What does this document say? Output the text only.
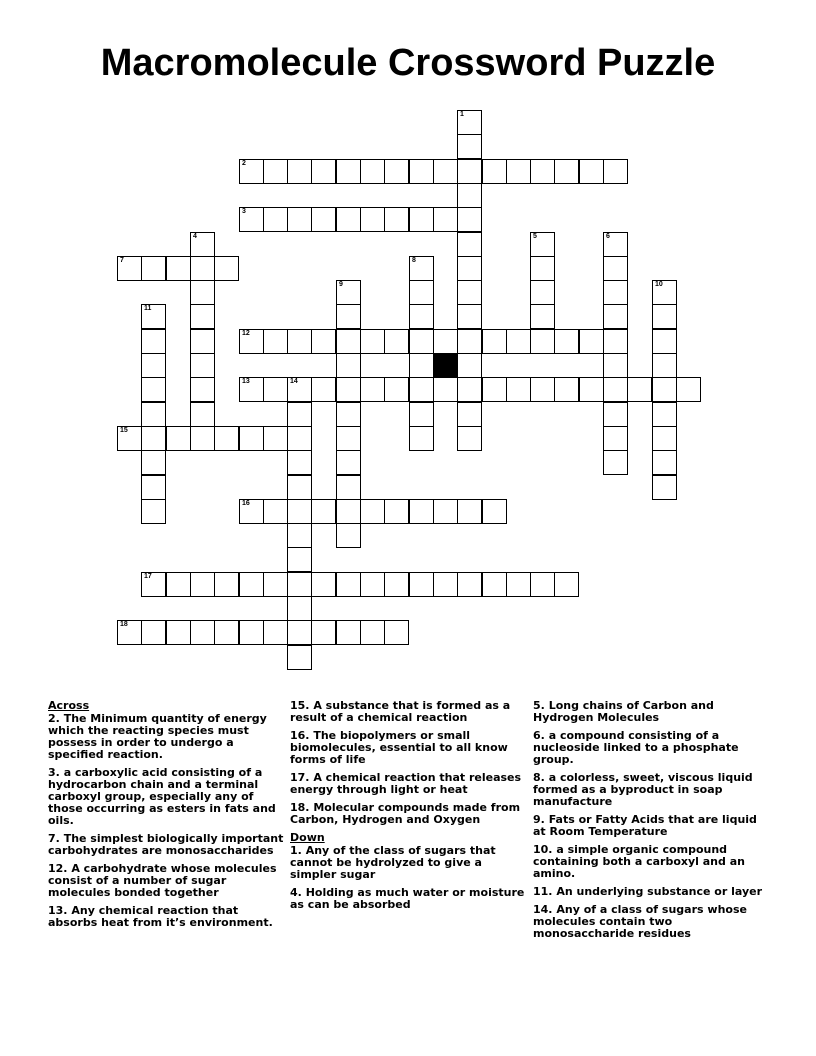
Macromolecule Crossword Puzzle
1
2
3
4	5	6
7	8
9	10
11
12
13	14
15
16
17
18
Across
2. The Minimum quantity of energy which the reacting species must possess in order to undergo a specified reaction.
3. a carboxylic acid consisting of a hydrocarbon chain and a terminal carboxyl group, especially any of those occurring as esters in fats and oils.
7. The simplest biologically important carbohydrates are monosaccharides
12. A carbohydrate whose molecules consist of a number of sugar molecules bonded together
13. Any chemical reaction that absorbs heat from it’s environment.
15. A substance that is formed as a result of a chemical reaction
16. The biopolymers or small biomolecules, essential to all know forms of life
17. A chemical reaction that releases energy through light or heat
18. Molecular compounds made from Carbon, Hydrogen and Oxygen
Down
1. Any of the class of sugars that cannot be hydrolyzed to give a simpler sugar
4. Holding as much water or moisture as can be absorbed
5. Long chains of Carbon and Hydrogen Molecules
6. a compound consisting of a nucleoside linked to a phosphate group.
8. a colorless, sweet, viscous liquid formed as a byproduct in soap manufacture
9. Fats or Fatty Acids that are liquid at Room Temperature
10. a simple organic compound containing both a carboxyl and an amino.
11. An underlying substance or layer
14. Any of a class of sugars whose molecules contain two monosaccharide residues
